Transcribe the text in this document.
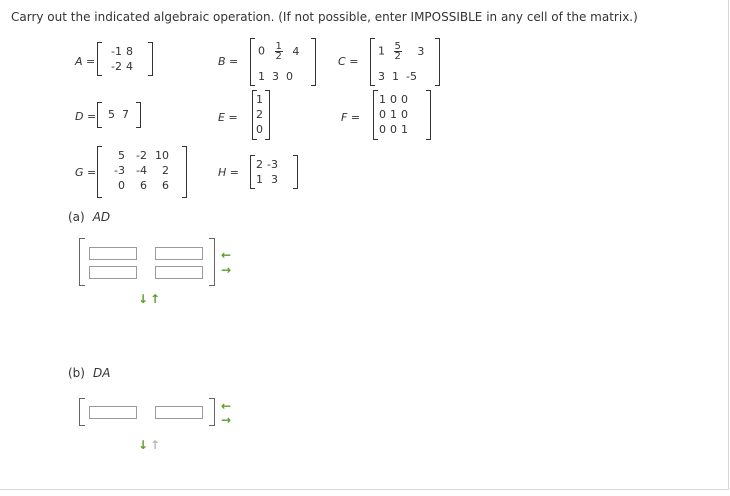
Carry out the indicated algebraic operation. (If not possible, enter IMPOSSIBLE in any cell of the matrix.)
A =
-1	8
-2	4	B =
$0 \frac{1}{2} 4$
1 3 0
C =
$1 \frac{5}{2} 3$
3 1 -5
D = 5 7	E =
1
2
0
F =
1	0	0
0	1	0
0	0	1
G =
5	-2	10
-3	-4	2
0	6	6
H =
2	-3
1	3
(a) AD
←
→
↓ ↑
(b) DA
←
→
↓ ↑
